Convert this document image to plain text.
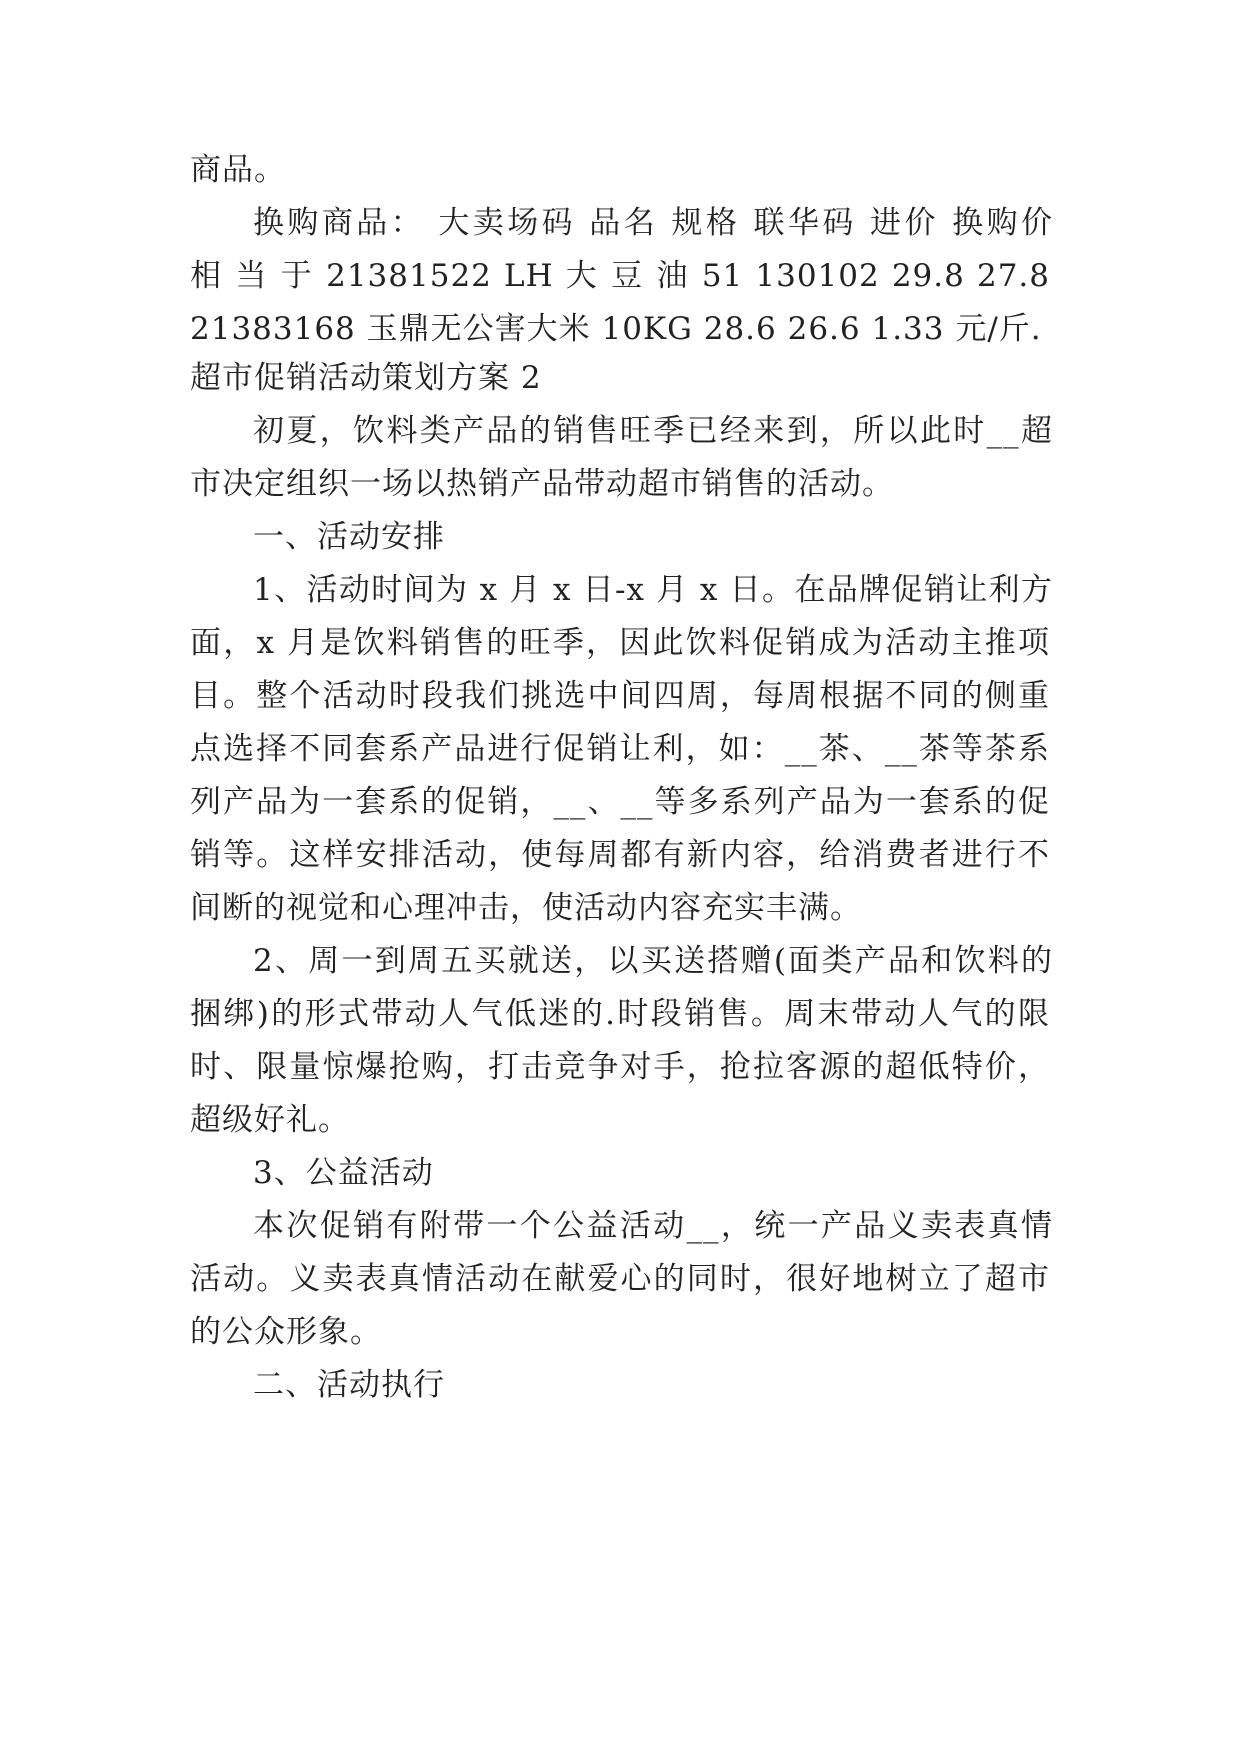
商品。
换购商品： 大卖场码 品名 规格 联华码 进价 换购价
相 当 于 21381522 LH 大 豆 油 51 130102 29.8 27.8
21383168 玉鼎无公害大米 10KG 28.6 26.6 1.33 元/斤.
超市促销活动策划方案 2
初夏，饮料类产品的销售旺季已经来到，所以此时__超
市决定组织一场以热销产品带动超市销售的活动。
一、活动安排
1、活动时间为 x 月 x 日-x 月 x 日。在品牌促销让利方
面，x 月是饮料销售的旺季，因此饮料促销成为活动主推项
目。整个活动时段我们挑选中间四周，每周根据不同的侧重
点选择不同套系产品进行促销让利，如：__茶、__茶等茶系
列产品为一套系的促销，__、__等多系列产品为一套系的促
销等。这样安排活动，使每周都有新内容，给消费者进行不
间断的视觉和心理冲击，使活动内容充实丰满。
2、周一到周五买就送，以买送搭赠(面类产品和饮料的
捆绑)的形式带动人气低迷的.时段销售。周末带动人气的限
时、限量惊爆抢购，打击竞争对手，抢拉客源的超低特价，
超级好礼。
3、公益活动
本次促销有附带一个公益活动__，统一产品义卖表真情
活动。义卖表真情活动在献爱心的同时，很好地树立了超市
的公众形象。
二、活动执行
